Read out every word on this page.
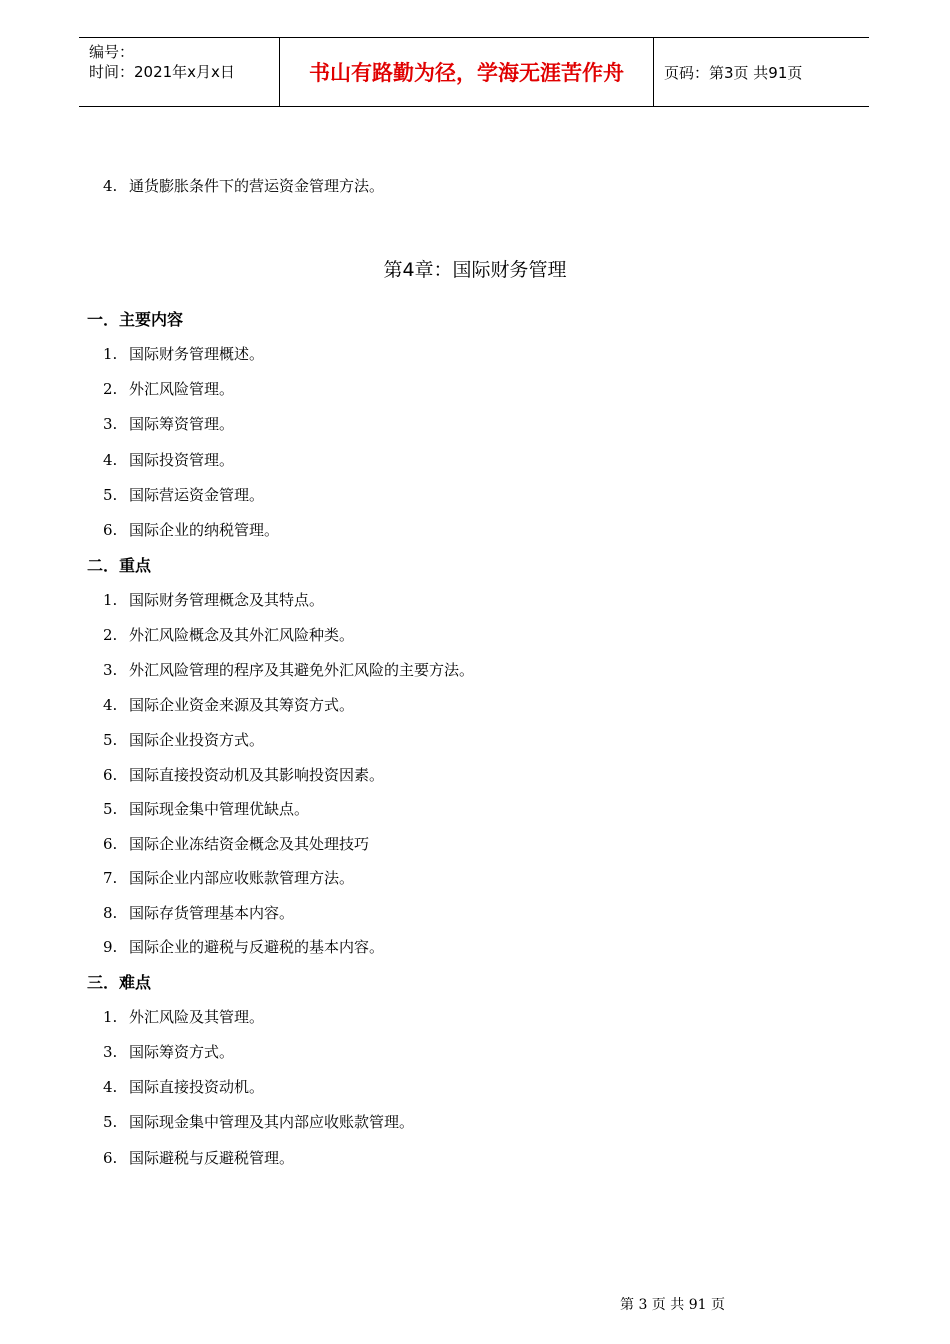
编号：
时间：2021年x月x日	书山有路勤为径，学海无涯苦作舟	页码：第3页 共91页
4. 通货膨胀条件下的营运资金管理方法。
第4章：国际财务管理
一．主要内容
1. 国际财务管理概述。
2. 外汇风险管理。
3. 国际筹资管理。
4. 国际投资管理。
5. 国际营运资金管理。
6. 国际企业的纳税管理。
二．重点
1. 国际财务管理概念及其特点。
2. 外汇风险概念及其外汇风险种类。
3. 外汇风险管理的程序及其避免外汇风险的主要方法。
4. 国际企业资金来源及其筹资方式。
5. 国际企业投资方式。
6. 国际直接投资动机及其影响投资因素。
5. 国际现金集中管理优缺点。
6. 国际企业冻结资金概念及其处理技巧
7. 国际企业内部应收账款管理方法。
8. 国际存货管理基本内容。
9. 国际企业的避税与反避税的基本内容。
三．难点
1. 外汇风险及其管理。
3. 国际筹资方式。
4. 国际直接投资动机。
5. 国际现金集中管理及其内部应收账款管理。
6. 国际避税与反避税管理。
第 3 页 共 91 页
